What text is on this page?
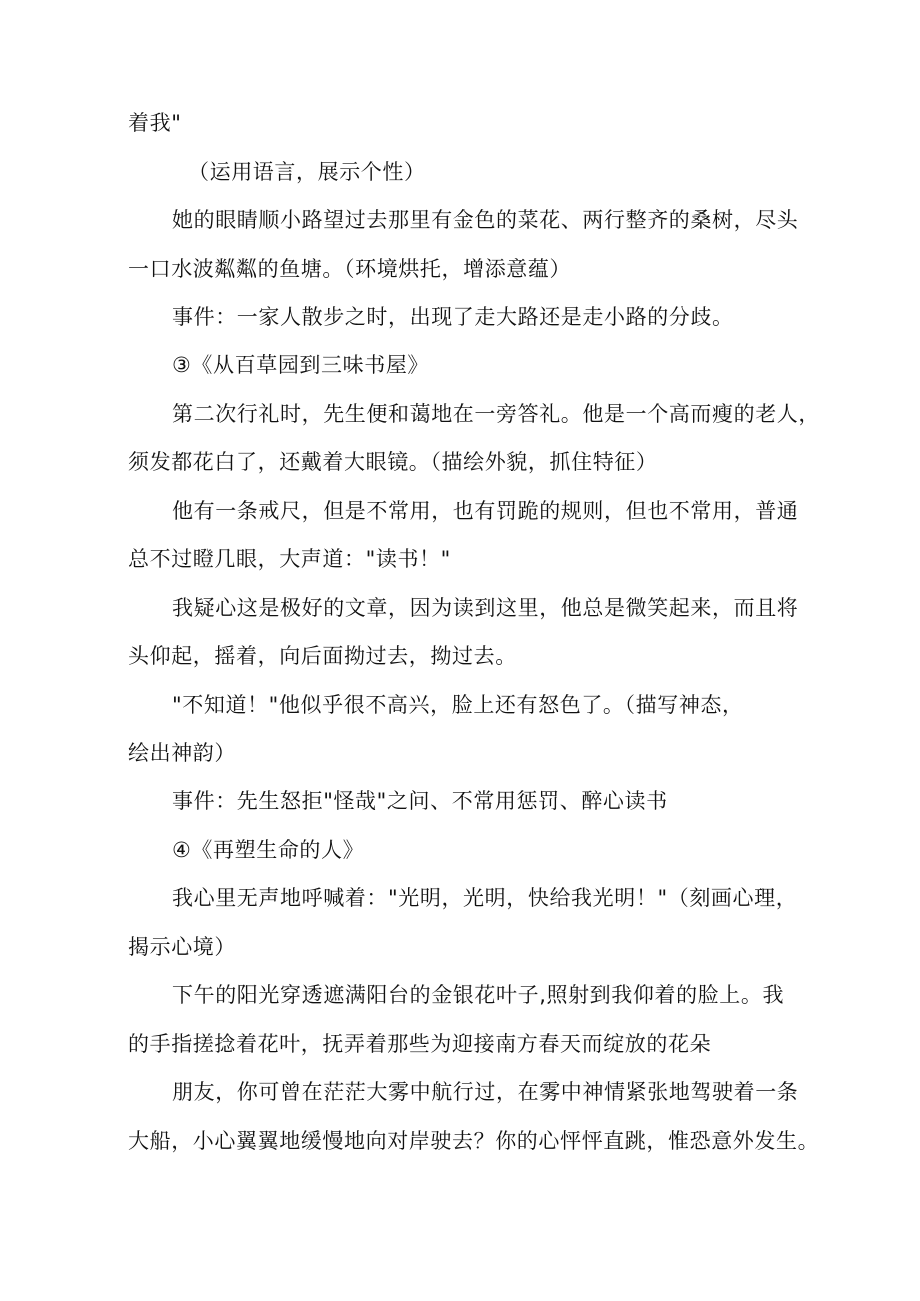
着我"
（运用语言，展示个性）
她的眼睛顺小路望过去那里有金色的菜花、两行整齐的桑树，尽头
一口水波粼粼的鱼塘。（环境烘托，增添意蕴）
事件：一家人散步之时，出现了走大路还是走小路的分歧。
③《从百草园到三味书屋》
第二次行礼时，先生便和蔼地在一旁答礼。他是一个高而瘦的老人，
须发都花白了，还戴着大眼镜。（描绘外貌，抓住特征）
他有一条戒尺，但是不常用，也有罚跪的规则，但也不常用，普通
总不过瞪几眼，大声道："读书！"
我疑心这是极好的文章，因为读到这里，他总是微笑起来，而且将
头仰起，摇着，向后面拗过去，拗过去。
"不知道！"他似乎很不高兴，脸上还有怒色了。（描写神态，
绘出神韵）
事件：先生怒拒"怪哉"之问、不常用惩罚、醉心读书
④《再塑生命的人》
我心里无声地呼喊着："光明，光明，快给我光明！"（刻画心理，
揭示心境）
下午的阳光穿透遮满阳台的金银花叶子,照射到我仰着的脸上。我
的手指搓捻着花叶，抚弄着那些为迎接南方春天而绽放的花朵
朋友，你可曾在茫茫大雾中航行过，在雾中神情紧张地驾驶着一条
大船，小心翼翼地缓慢地向对岸驶去？你的心怦怦直跳，惟恐意外发生。
